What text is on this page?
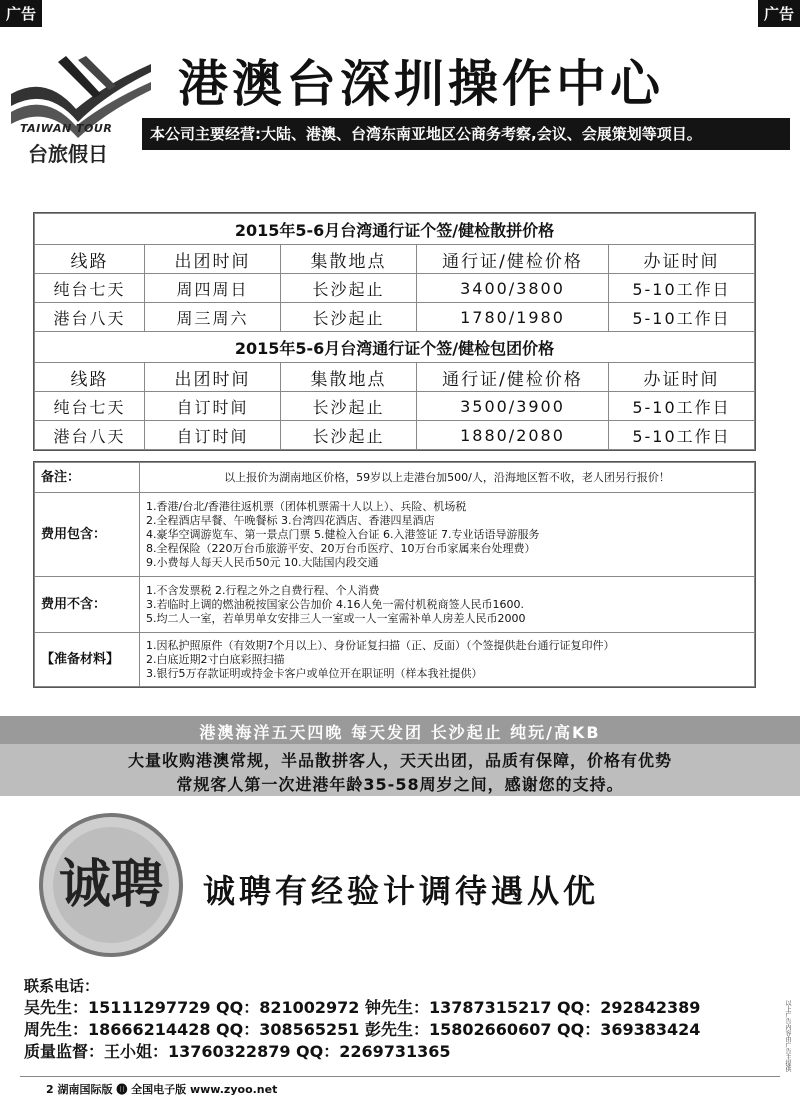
广告	广告
TAIWAN TOUR
台旅假日
港澳台深圳操作中心
本公司主要经营:大陆、港澳、台湾东南亚地区公商务考察,会议、会展策划等项目。
2015年5-6月台湾通行证个签/健检散拼价格				
线路	出团时间	集散地点	通行证/健检价格	办证时间
纯台七天	周四周日	长沙起止	3400/3800	5-10工作日
港台八天	周三周六	长沙起止	1780/1980	5-10工作日
2015年5-6月台湾通行证个签/健检包团价格				
线路	出团时间	集散地点	通行证/健检价格	办证时间
纯台七天	自订时间	长沙起止	3500/3900	5-10工作日
港台八天	自订时间	长沙起止	1880/2080	5-10工作日
备注：	以上报价为湖南地区价格，59岁以上走港台加500/人，沿海地区暂不收，老人团另行报价！
费用包含：	1.香港/台北/香港往返机票（团体机票需十人以上）、兵险、机场税
2.全程酒店早餐、午晚餐标 3.台湾四花酒店、香港四星酒店
4.豪华空调游览车、第一景点门票 5.健检入台证 6.入港签证 7.专业话语导游服务
8.全程保险（220万台币旅游平安、20万台币医疗、10万台币家属来台处理费）
9.小费每人每天人民币50元 10.大陆国内段交通

费用不含：	1.不含发票税 2.行程之外之自费行程、个人消费
3.若临时上调的燃油税按国家公告加价 4.16人免一需付机税商签人民币1600.
5.均二人一室，若单男单女安排三人一室或一人一室需补单人房差人民币2000

【准备材料】	1.因私护照原件（有效期7个月以上）、身份证复扫描（正、反面）（个签提供赴台通行证复印件）
2.白底近期2寸白底彩照扫描
3.银行5万存款证明或持金卡客户或单位开在职证明（样本我社提供）
港澳海洋五天四晚 每天发团 长沙起止 纯玩/高KB
大量收购港澳常规，半品散拼客人，天天出团，品质有保障，价格有优势
常规客人第一次进港年龄35-58周岁之间，感谢您的支持。
诚聘 诚聘有经验计调待遇从优
联系电话：
吴先生：15111297729 QQ：821002972 钟先生：13787315217 QQ：292842389
周先生：18666214428 QQ：308565251 彭先生：15802660607 QQ：369383424
质量监督：王小姐：13760322879 QQ：2269731365	以上广告内容由广告主提供
2 湖南国际版 ⓫ 全国电子版 www.zyoo.net
